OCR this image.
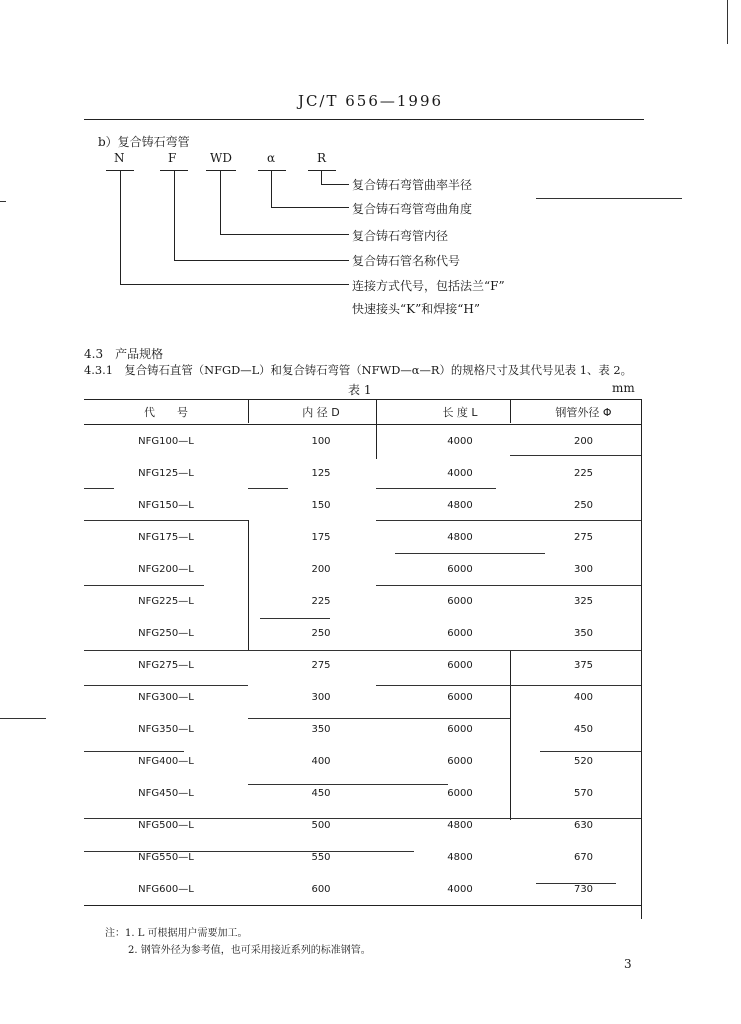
JC/T 656—1996
b）复合铸石弯管
N	F	WD	α	R
复合铸石弯管曲率半径
复合铸石弯管弯曲角度
复合铸石弯管内径
复合铸石管名称代号
连接方式代号，包括法兰“F”
快速接头“K”和焊接“H”
4.3　产品规格
4.3.1　复合铸石直管（NFGD—L）和复合铸石弯管（NFWD—α—R）的规格尺寸及其代号见表 1、表 2。
表 1	mm
代　　号	内 径 D	长 度 L	钢管外径 Φ
NFG100—L	100	4000	200
NFG125—L	125	4000	225
NFG150—L	150	4800	250
NFG175—L	175	4800	275
NFG200—L	200	6000	300
NFG225—L	225	6000	325
NFG250—L	250	6000	350
NFG275—L	275	6000	375
NFG300—L	300	6000	400
NFG350—L	350	6000	450
NFG400—L	400	6000	520
NFG450—L	450	6000	570
NFG500—L	500	4800	630
NFG550—L	550	4800	670
NFG600—L	600	4000	730
注：1. L 可根据用户需要加工。
2. 钢管外径为参考值，也可采用接近系列的标准钢管。
3
